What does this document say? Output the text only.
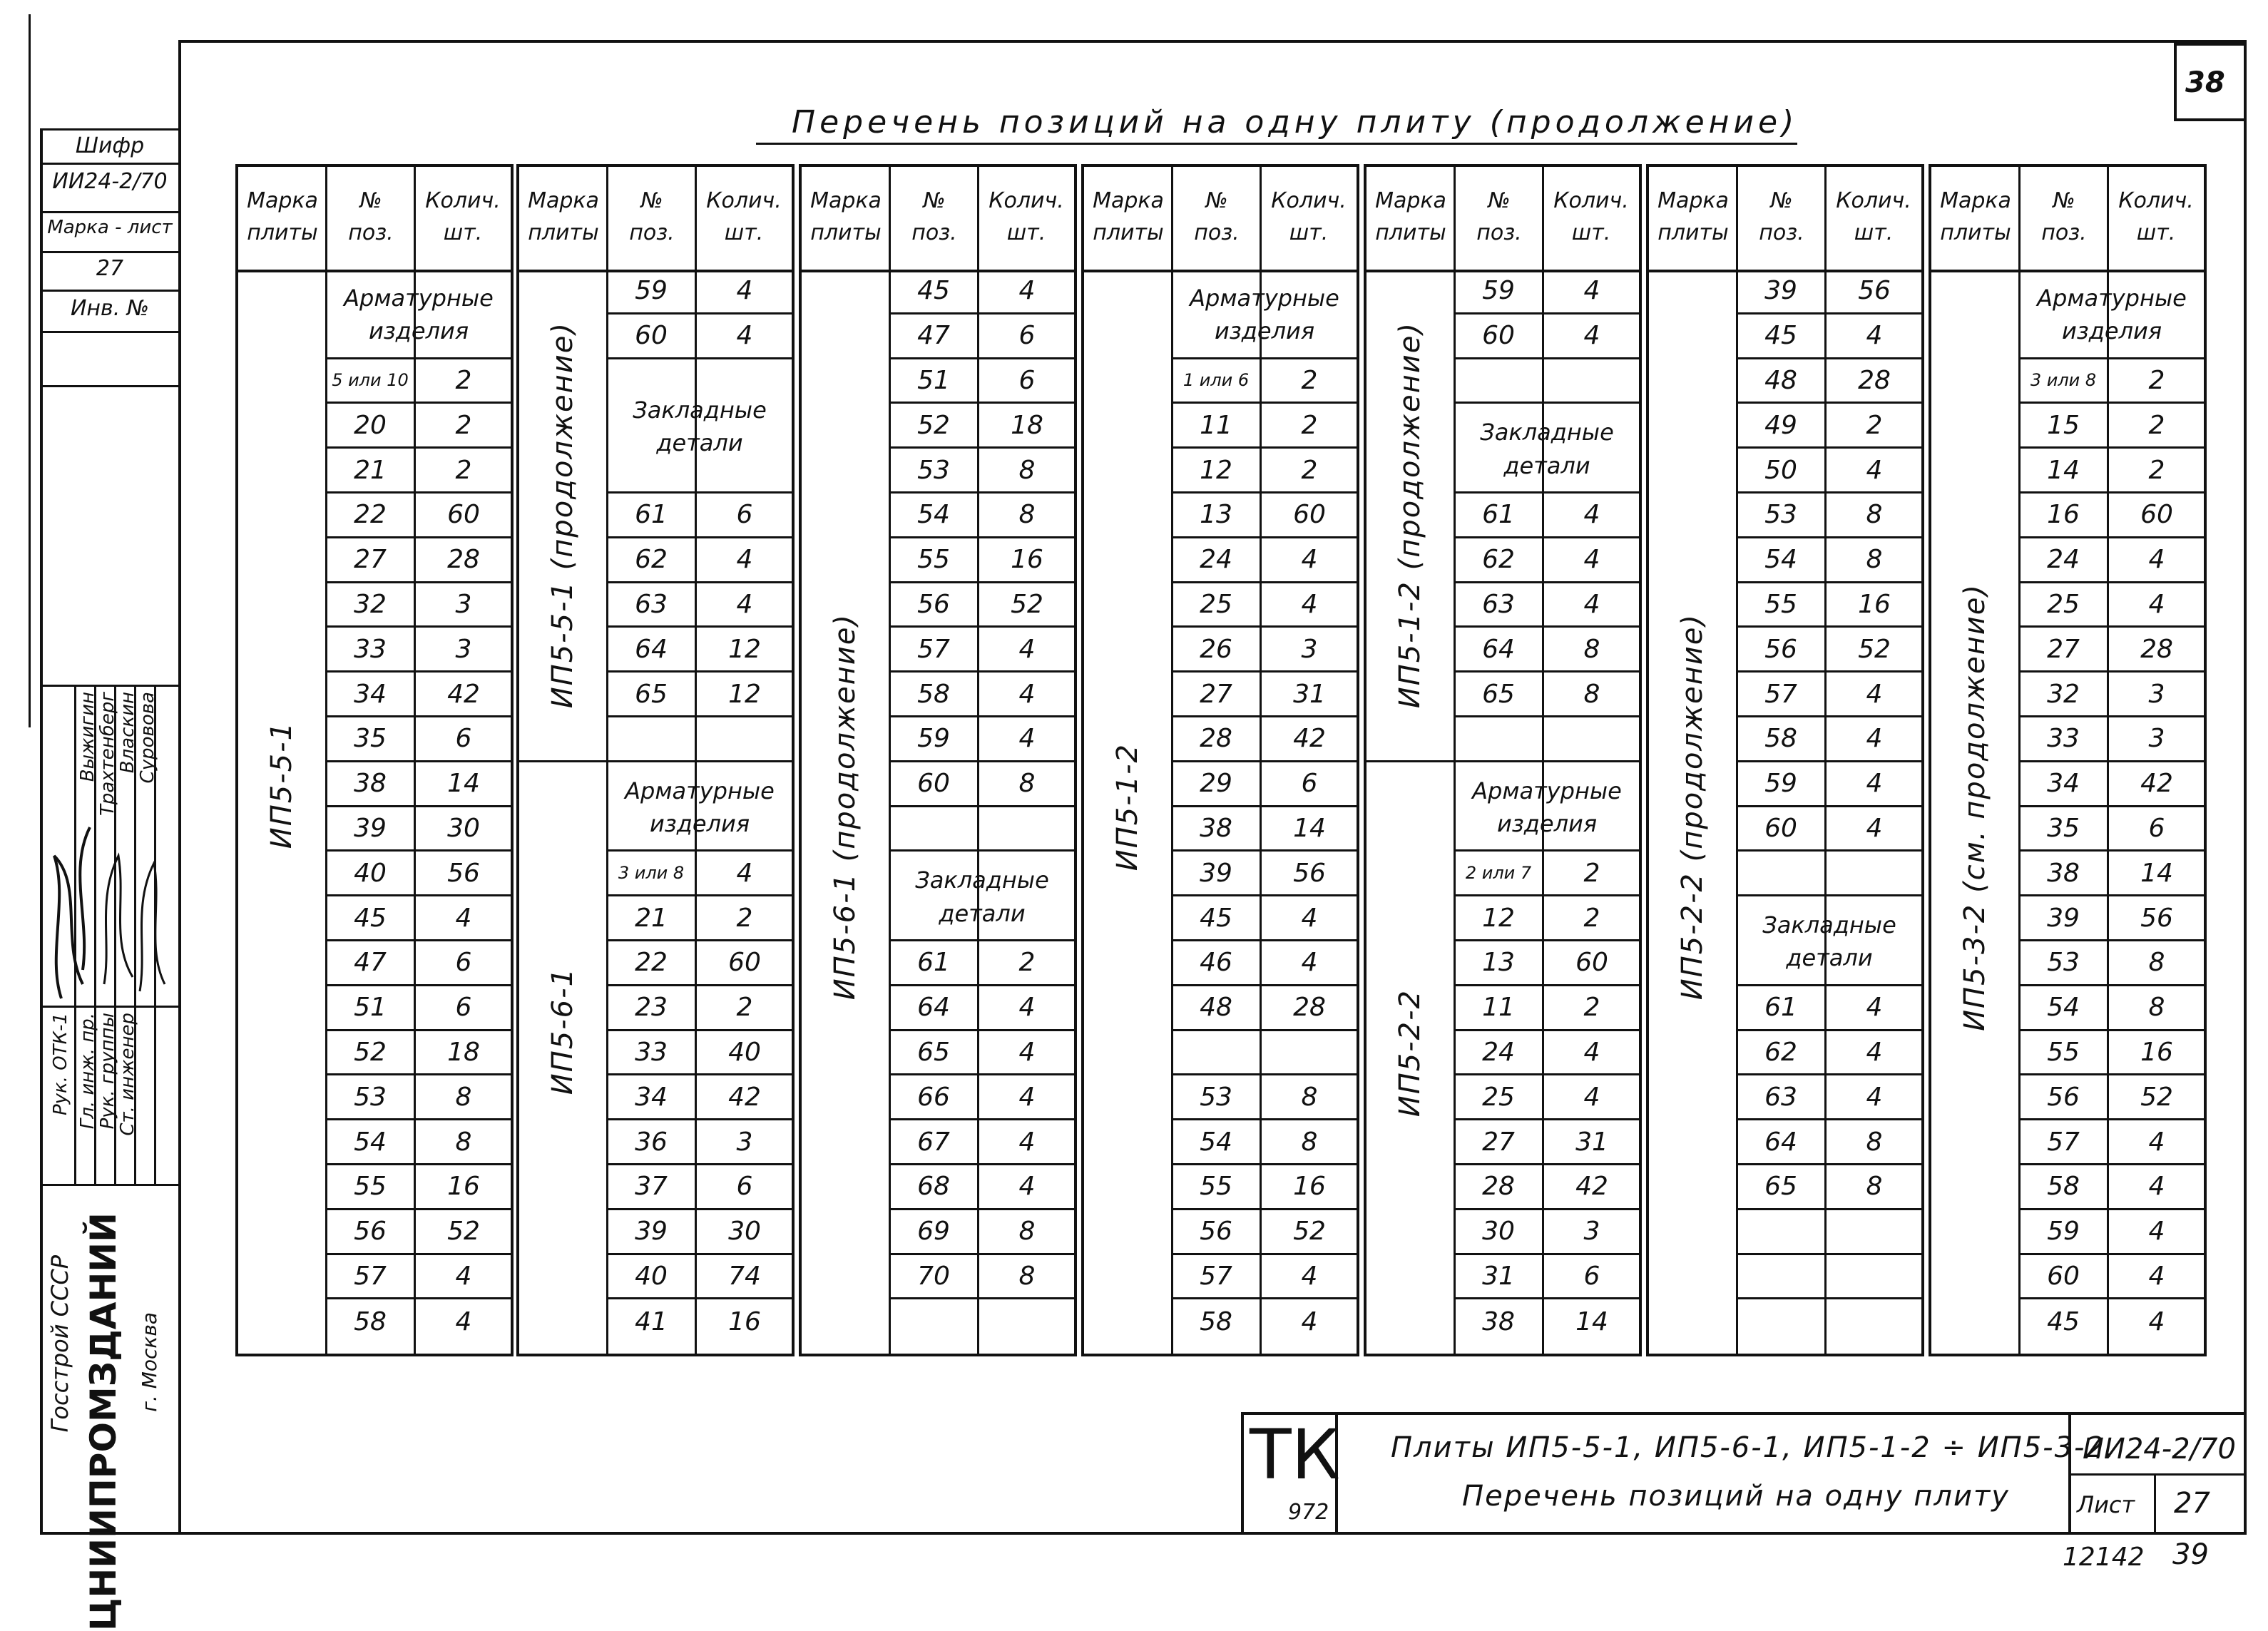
38
Перечень позиций на одну плиту (продолжение)
Шифр
ИИ24-2/70
Марка - лист
27
Инв. №
Рук. ОТК-1 Гл. инж. пр.
Рук. группы
Ст. инженер
Выжигин
Трахтенберг
Власкин
Суровова
Госстрой СССР ЦНИИПРОМЗДАНИЙ г. Москва
Марка
плиты
№
поз.
Колич.
шт.
ИП5-5-1
Арматурные изделия
5 или 10	2
20	2
21	2
22	60
27	28
32	3
33	3
34	42
35	6
38	14
39	30
40	56
45	4
47	6
51	6
52	18
53	8
54	8
55	16
56	52
57	4
58	4
Марка
плиты
№
поз.
Колич.
шт.
ИП5-5-1 (продолжение)
ИП5-6-1
59	4
60	4
Закладные детали
61	6
62	4
63	4
64	12
65	12
Арматурные изделия
3 или 8	4
21	2
22	60
23	2
33	40
34	42
36	3
37	6
39	30
40	74
41	16
Марка
плиты
№
поз.
Колич.
шт.
ИП5-6-1 (продолжение)
45	4
47	6
51	6
52	18
53	8
54	8
55	16
56	52
57	4
58	4
59	4
60	8
Закладные детали
61	2
64	4
65	4
66	4
67	4
68	4
69	8
70	8
Марка
плиты
№
поз.
Колич.
шт.
ИП5-1-2
Арматурные изделия
1 или 6	2
11	2
12	2
13	60
24	4
25	4
26	3
27	31
28	42
29	6
38	14
39	56
45	4
46	4
48	28
53	8
54	8
55	16
56	52
57	4
58	4
Марка
плиты
№
поз.
Колич.
шт.
ИП5-1-2 (продолжение)
ИП5-2-2
59	4
60	4
Закладные детали
61	4
62	4
63	4
64	8
65	8
Арматурные изделия
2 или 7	2
12	2
13	60
11	2
24	4
25	4
27	31
28	42
30	3
31	6
38	14
Марка
плиты
№
поз.
Колич.
шт.
ИП5-2-2 (продолжение)
39	56
45	4
48	28
49	2
50	4
53	8
54	8
55	16
56	52
57	4
58	4
59	4
60	4
Закладные детали
61	4
62	4
63	4
64	8
65	8
Марка
плиты
№
поз.
Колич.
шт.
ИП5-3-2 (см. продолжение)
Арматурные изделия
3 или 8	2
15	2
14	2
16	60
24	4
25	4
27	28
32	3
33	3
34	42
35	6
38	14
39	56
53	8
54	8
55	16
56	52
57	4
58	4
59	4
60	4
45	4
ТК
972
Плиты ИП5-5-1, ИП5-6-1, ИП5-1-2 ÷ ИП5-3-2.
Перечень позиций на одну плиту
ИИ24-2/70
Лист 27
12142 39
